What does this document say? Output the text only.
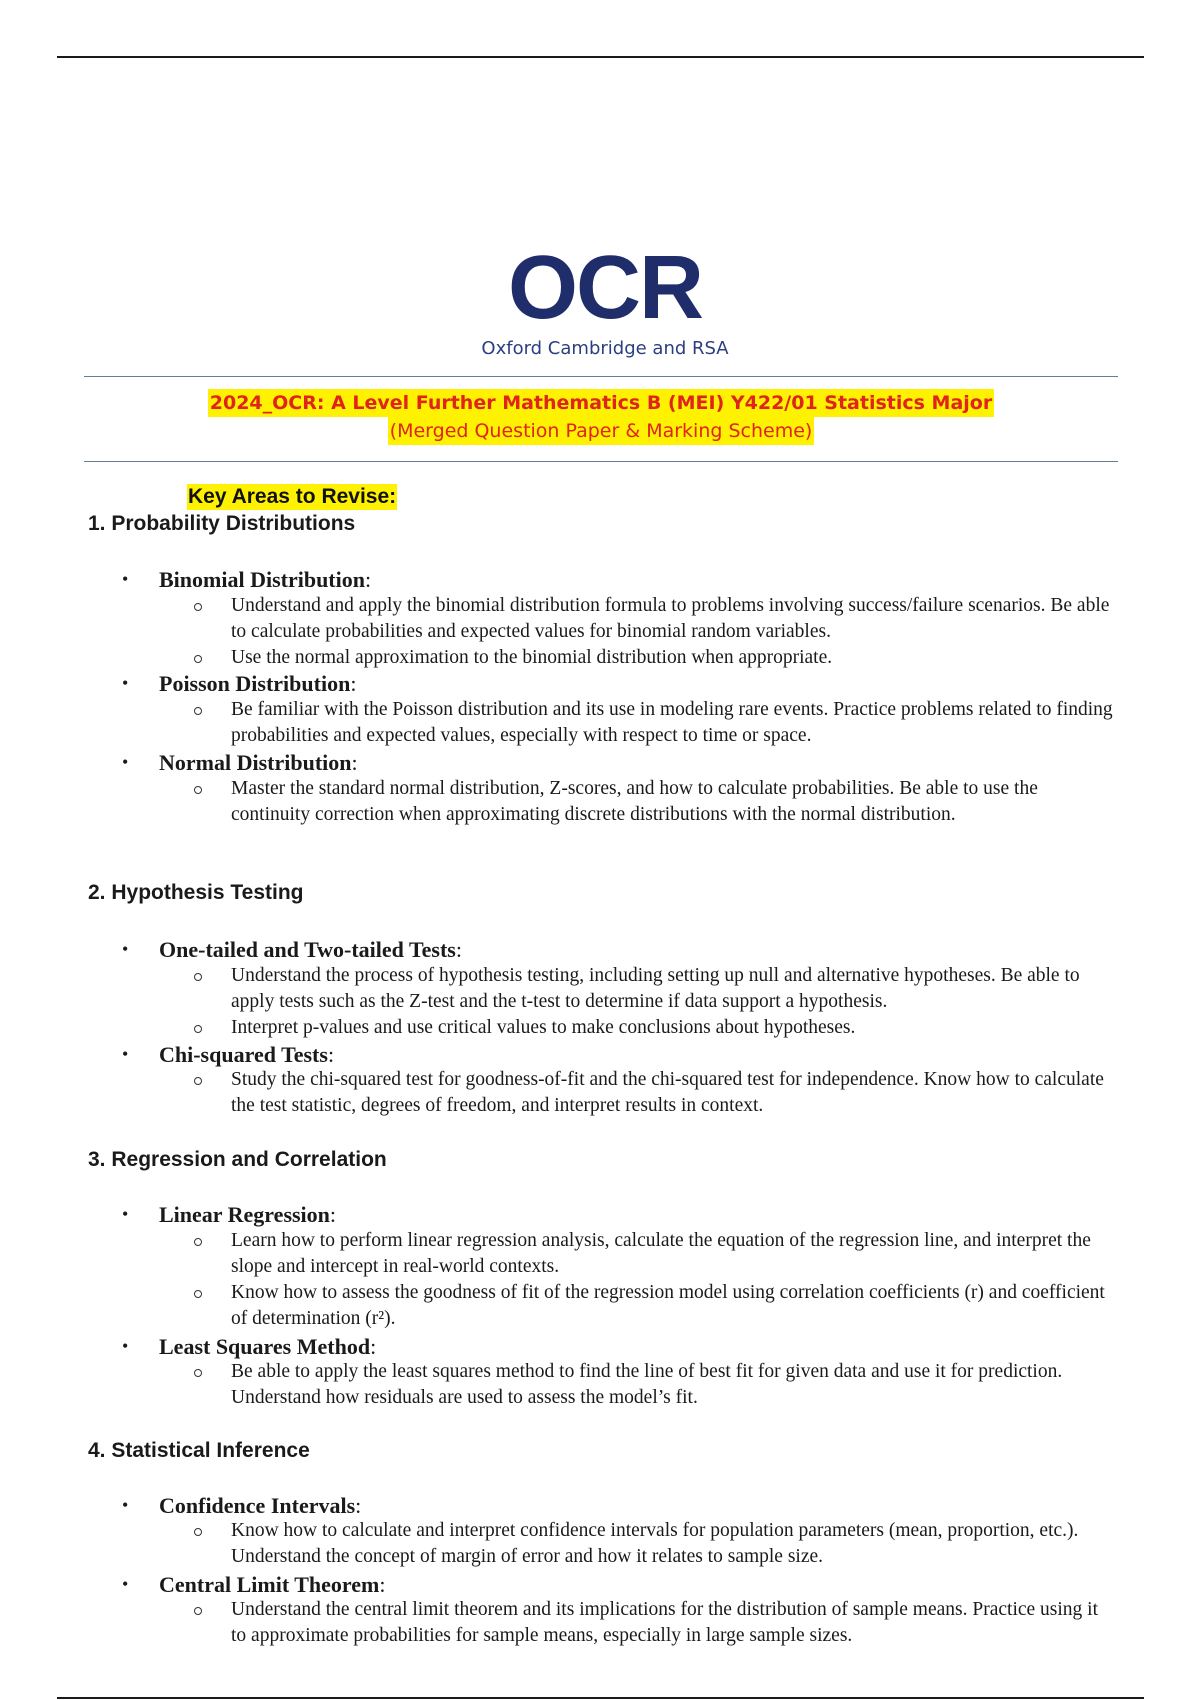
OCR
Oxford Cambridge and RSA
2024_OCR: A Level Further Mathematics B (MEI) Y422/01 Statistics Major
(Merged Question Paper & Marking Scheme)
Key Areas to Revise:
1. Probability Distributions
•	Binomial Distribution:
Understand and apply the binomial distribution formula to problems involving success/failure scenarios. Be able to calculate probabilities and expected values for binomial random variables.
Use the normal approximation to the binomial distribution when appropriate.
•	Poisson Distribution:
Be familiar with the Poisson distribution and its use in modeling rare events. Practice problems related to finding probabilities and expected values, especially with respect to time or space.
•	Normal Distribution:
Master the standard normal distribution, Z-scores, and how to calculate probabilities. Be able to use the continuity correction when approximating discrete distributions with the normal distribution.
2. Hypothesis Testing
•	One-tailed and Two-tailed Tests:
Understand the process of hypothesis testing, including setting up null and alternative hypotheses. Be able to apply tests such as the Z-test and the t-test to determine if data support a hypothesis.
Interpret p-values and use critical values to make conclusions about hypotheses.
•	Chi-squared Tests:
Study the chi-squared test for goodness-of-fit and the chi-squared test for independence. Know how to calculate the test statistic, degrees of freedom, and interpret results in context.
3. Regression and Correlation
•	Linear Regression:
Learn how to perform linear regression analysis, calculate the equation of the regression line, and interpret the slope and intercept in real-world contexts.
Know how to assess the goodness of fit of the regression model using correlation coefficients (r) and coefficient of determination (r²).
•	Least Squares Method:
Be able to apply the least squares method to find the line of best fit for given data and use it for prediction. Understand how residuals are used to assess the model’s fit.
4. Statistical Inference
•	Confidence Intervals:
Know how to calculate and interpret confidence intervals for population parameters (mean, proportion, etc.). Understand the concept of margin of error and how it relates to sample size.
•	Central Limit Theorem:
Understand the central limit theorem and its implications for the distribution of sample means. Practice using it to approximate probabilities for sample means, especially in large sample sizes.
